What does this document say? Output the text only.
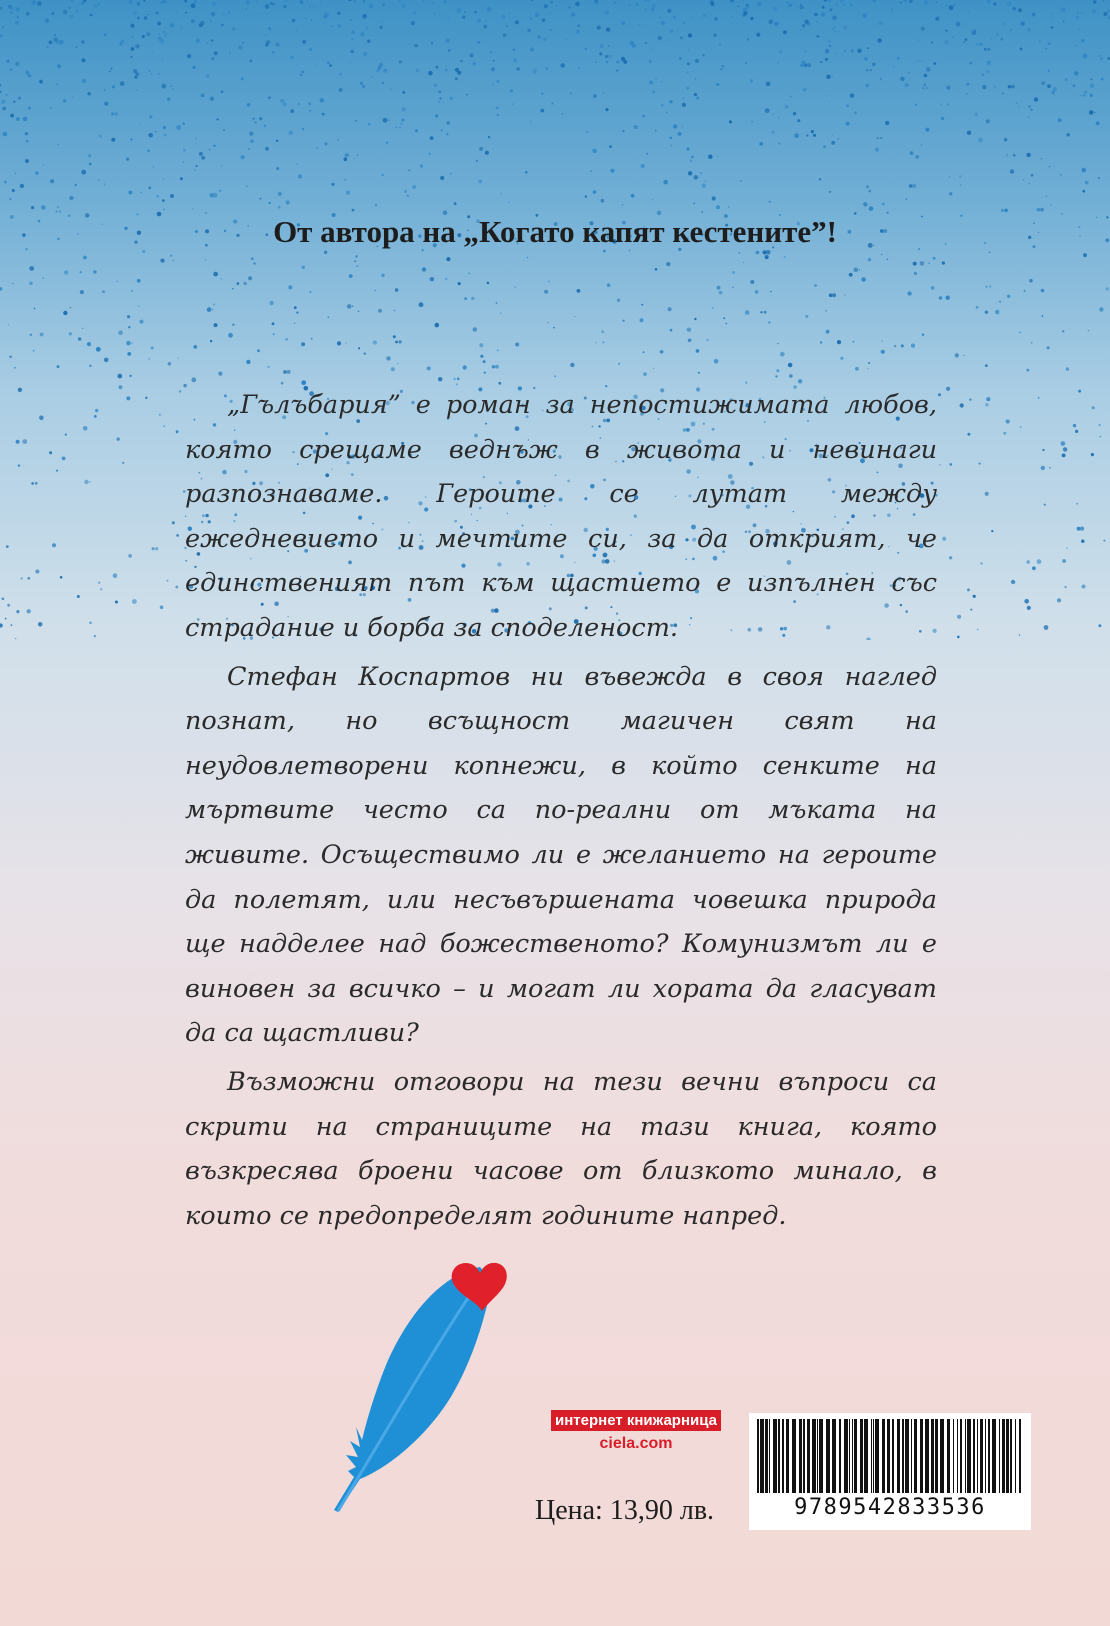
От автора на „Когато капят кестените”!

„Гълъбария” е роман за непостижимата любов, която срещаме веднъж в живота и невинаги разпознаваме. Героите се лутат между ежедневието и мечтите си, за да открият, че единственият път към щастието е изпълнен със страдание и борба за споделеност.

Стефан Коспартов ни въвежда в своя наглед познат, но всъщност магичен свят на неудовлетворени копнежи, в който сенките на мъртвите често са по-реални от мъката на живите. Осъществимо ли е желанието на героите да полетят, или несъвършената човешка природа ще надделее над божественото? Комунизмът ли е виновен за всичко – и могат ли хората да гласуват да са щастливи?

Възможни отговори на тези вечни въпроси са скрити на страниците на тази книга, която възкресява броени часове от близкото минало, в които се предопределят годините напред.

интернет книжарница
ciela.com
Цена: 13,90 лв.	9789542833536
